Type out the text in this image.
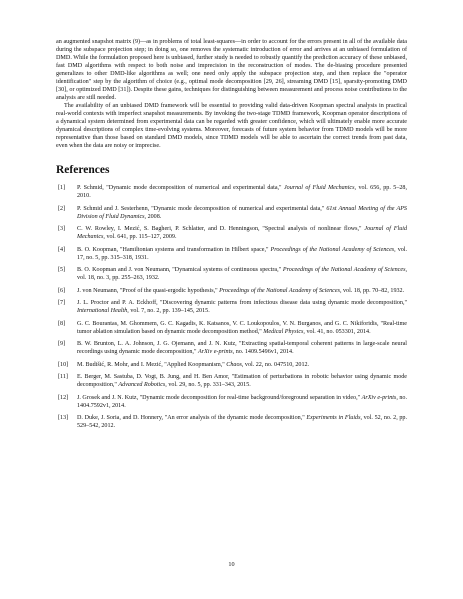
an augmented snapshot matrix (9)—as in problems of total least-squares—in order to account for the errors present in all of the available data during the subspace projection step; in doing so, one removes the systematic introduction of error and arrives at an unbiased formulation of DMD. While the formulation proposed here is unbiased, further study is needed to robustly quantify the prediction accuracy of these unbiased, fast DMD algorithms with respect to both noise and imprecision in the reconstruction of modes. The de-biasing procedure presented generalizes to other DMD-like algorithms as well; one need only apply the subspace projection step, and then replace the "operator identification" step by the algorithm of choice (e.g., optimal mode decomposition [29, 26], streaming DMD [15], sparsity-promoting DMD [30], or optimized DMD [31]). Despite these gains, techniques for distinguishing between measurement and process noise contributions to the analysis are still needed.

The availability of an unbiased DMD framework will be essential to providing valid data-driven Koopman spectral analysis in practical real-world contexts with imperfect snapshot measurements. By invoking the two-stage TDMD framework, Koopman operator descriptions of a dynamical system determined from experimental data can be regarded with greater confidence, which will ultimately enable more accurate dynamical descriptions of complex time-evolving systems. Moreover, forecasts of future system behavior from TDMD models will be more representative than those based on standard DMD models, since TDMD models will be able to ascertain the correct trends from past data, even when the data are noisy or imprecise.

References
[1] P. Schmid, "Dynamic mode decomposition of numerical and experimental data," Journal of Fluid Mechanics, vol. 656, pp. 5–28, 2010.
[2] P. Schmid and J. Sesterhenn, "Dynamic mode decomposition of numerical and experimental data," 61st Annual Meeting of the APS Division of Fluid Dynamics, 2008.
[3] C. W. Rowley, I. Mezić, S. Bagheri, P. Schlatter, and D. Henningson, "Spectral analysis of nonlinear flows," Journal of Fluid Mechanics, vol. 641, pp. 115–127, 2009.
[4] B. O. Koopman, "Hamiltonian systems and transformation in Hilbert space," Proceedings of the National Academy of Sciences, vol. 17, no. 5, pp. 315–318, 1931.
[5] B. O. Koopman and J. von Neumann, "Dynamical systems of continuous spectra," Proceedings of the National Academy of Sciences, vol. 18, no. 3, pp. 255–263, 1932.
[6] J. von Neumann, "Proof of the quasi-ergodic hypothesis," Proceedings of the National Academy of Sciences, vol. 18, pp. 70–82, 1932.
[7] J. L. Proctor and P. A. Eckhoff, "Discovering dynamic patterns from infectious disease data using dynamic mode decomposition," International Health, vol. 7, no. 2, pp. 139–145, 2015.
[8] G. C. Bourantas, M. Ghommem, G. C. Kagadis, K. Katsanos, V. C. Loukopoulos, V. N. Burganos, and G. C. Nikiforidis, "Real-time tumor ablation simulation based on dynamic mode decomposition method," Medical Physics, vol. 41, no. 053301, 2014.
[9] B. W. Brunton, L. A. Johnson, J. G. Ojemann, and J. N. Kutz, "Extracting spatial-temporal coherent patterns in large-scale neural recordings using dynamic mode decomposition," ArXiv e-prints, no. 1409.5496v1, 2014.
[10] M. Budišić, R. Mohr, and I. Mezić, "Applied Koopmanism," Chaos, vol. 22, no. 047510, 2012.
[11] E. Berger, M. Sastuba, D. Vogt, B. Jung, and H. Ben Amor, "Estimation of perturbations in robotic behavior using dynamic mode decomposition," Advanced Robotics, vol. 29, no. 5, pp. 331–343, 2015.
[12] J. Grosek and J. N. Kutz, "Dynamic mode decomposition for real-time background/foreground separation in video," ArXiv e-prints, no. 1404.7592v1, 2014.
[13] D. Duke, J. Soria, and D. Honnery, "An error analysis of the dynamic mode decomposition," Experiments in Fluids, vol. 52, no. 2, pp. 529–542, 2012.
10
